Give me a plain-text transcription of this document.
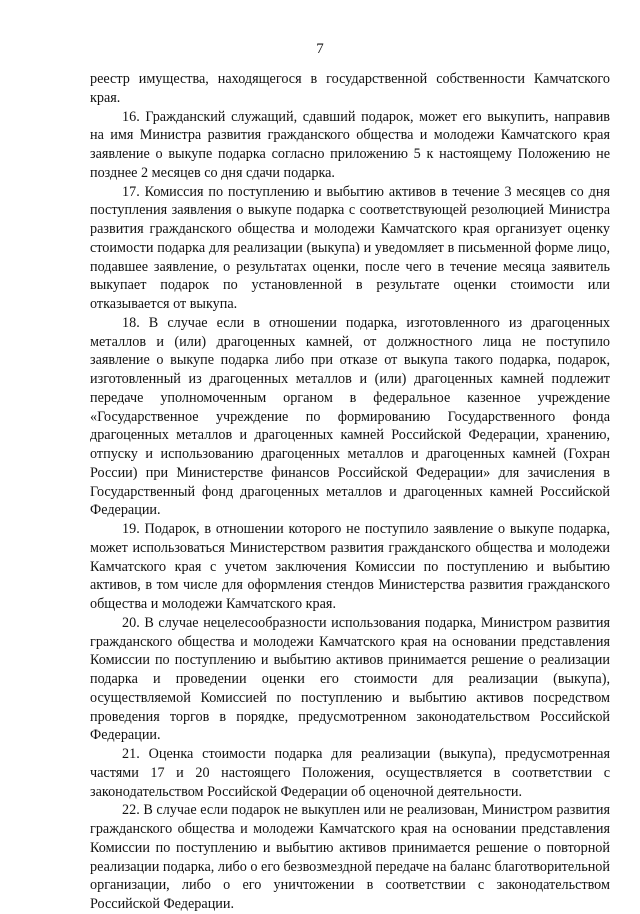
7

реестр имущества, находящегося в государственной собственности Камчатского края.

16. Гражданский служащий, сдавший подарок, может его выкупить, направив на имя Министра развития гражданского общества и молодежи Камчатского края заявление о выкупе подарка согласно приложению 5 к настоящему Положению не позднее 2 месяцев со дня сдачи подарка.

17. Комиссия по поступлению и выбытию активов в течение 3 месяцев со дня поступления заявления о выкупе подарка с соответствующей резолюцией Министра развития гражданского общества и молодежи Камчатского края организует оценку стоимости подарка для реализации (выкупа) и уведомляет в письменной форме лицо, подавшее заявление, о результатах оценки, после чего в течение месяца заявитель выкупает подарок по установленной в результате оценки стоимости или отказывается от выкупа.

18. В случае если в отношении подарка, изготовленного из драгоценных металлов и (или) драгоценных камней, от должностного лица не поступило заявление о выкупе подарка либо при отказе от выкупа такого подарка, подарок, изготовленный из драгоценных металлов и (или) драгоценных камней подлежит передаче уполномоченным органом в федеральное казенное учреждение «Государственное учреждение по формированию Государственного фонда драгоценных металлов и драгоценных камней Российской Федерации, хранению, отпуску и использованию драгоценных металлов и драгоценных камней (Гохран России) при Министерстве финансов Российской Федерации» для зачисления в Государственный фонд драгоценных металлов и драгоценных камней Российской Федерации.

19. Подарок, в отношении которого не поступило заявление о выкупе подарка, может использоваться Министерством развития гражданского общества и молодежи Камчатского края с учетом заключения Комиссии по поступлению и выбытию активов, в том числе для оформления стендов Министерства развития гражданского общества и молодежи Камчатского края.

20. В случае нецелесообразности использования подарка, Министром развития гражданского общества и молодежи Камчатского края на основании представления Комиссии по поступлению и выбытию активов принимается решение о реализации подарка и проведении оценки его стоимости для реализации (выкупа), осуществляемой Комиссией по поступлению и выбытию активов посредством проведения торгов в порядке, предусмотренном законодательством Российской Федерации.

21. Оценка стоимости подарка для реализации (выкупа), предусмотренная частями 17 и 20 настоящего Положения, осуществляется в соответствии с законодательством Российской Федерации об оценочной деятельности.

22. В случае если подарок не выкуплен или не реализован, Министром развития гражданского общества и молодежи Камчатского края на основании представления Комиссии по поступлению и выбытию активов принимается решение о повторной реализации подарка, либо о его безвозмездной передаче на баланс благотворительной организации, либо о его уничтожении в соответствии с законодательством Российской Федерации.
